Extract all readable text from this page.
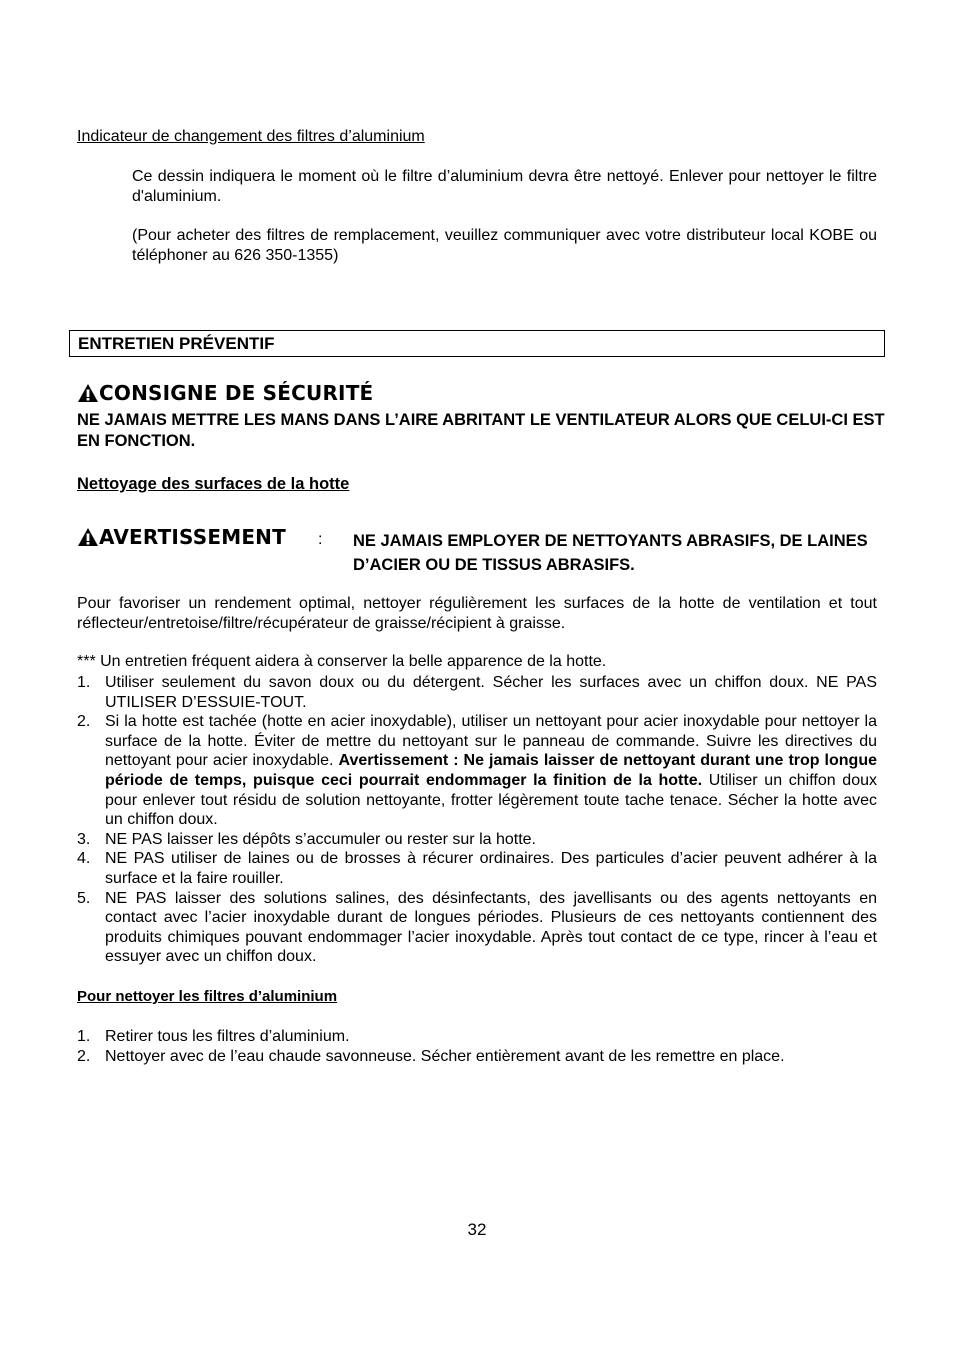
Indicateur de changement des filtres d’aluminium
Ce dessin indiquera le moment où le filtre d’aluminium devra être nettoyé. Enlever pour nettoyer le filtre d'aluminium.
(Pour acheter des filtres de remplacement, veuillez communiquer avec votre distributeur local KOBE ou téléphoner au 626 350-1355)
ENTRETIEN PRÉVENTIF
CONSIGNE DE SÉCURITÉ
NE JAMAIS METTRE LES MANS DANS L’AIRE ABRITANT LE VENTILATEUR ALORS QUE CELUI-CI EST EN FONCTION.
Nettoyage des surfaces de la hotte
AVERTISSEMENT : NE JAMAIS EMPLOYER DE NETTOYANTS ABRASIFS, DE LAINES D’ACIER OU DE TISSUS ABRASIFS.
Pour favoriser un rendement optimal, nettoyer régulièrement les surfaces de la hotte de ventilation et tout réflecteur/entretoise/filtre/récupérateur de graisse/récipient à graisse.
*** Un entretien fréquent aidera à conserver la belle apparence de la hotte.
1. Utiliser seulement du savon doux ou du détergent. Sécher les surfaces avec un chiffon doux. NE PAS UTILISER D’ESSUIE-TOUT.
2. Si la hotte est tachée (hotte en acier inoxydable), utiliser un nettoyant pour acier inoxydable pour nettoyer la surface de la hotte. Éviter de mettre du nettoyant sur le panneau de commande. Suivre les directives du nettoyant pour acier inoxydable. Avertissement : Ne jamais laisser de nettoyant durant une trop longue période de temps, puisque ceci pourrait endommager la finition de la hotte. Utiliser un chiffon doux pour enlever tout résidu de solution nettoyante, frotter légèrement toute tache tenace. Sécher la hotte avec un chiffon doux.
3. NE PAS laisser les dépôts s’accumuler ou rester sur la hotte.
4. NE PAS utiliser de laines ou de brosses à récurer ordinaires. Des particules d’acier peuvent adhérer à la surface et la faire rouiller.
5. NE PAS laisser des solutions salines, des désinfectants, des javellisants ou des agents nettoyants en contact avec l’acier inoxydable durant de longues périodes. Plusieurs de ces nettoyants contiennent des produits chimiques pouvant endommager l’acier inoxydable. Après tout contact de ce type, rincer à l’eau et essuyer avec un chiffon doux.
Pour nettoyer les filtres d’aluminium
1. Retirer tous les filtres d’aluminium.
2. Nettoyer avec de l’eau chaude savonneuse. Sécher entièrement avant de les remettre en place.
32
